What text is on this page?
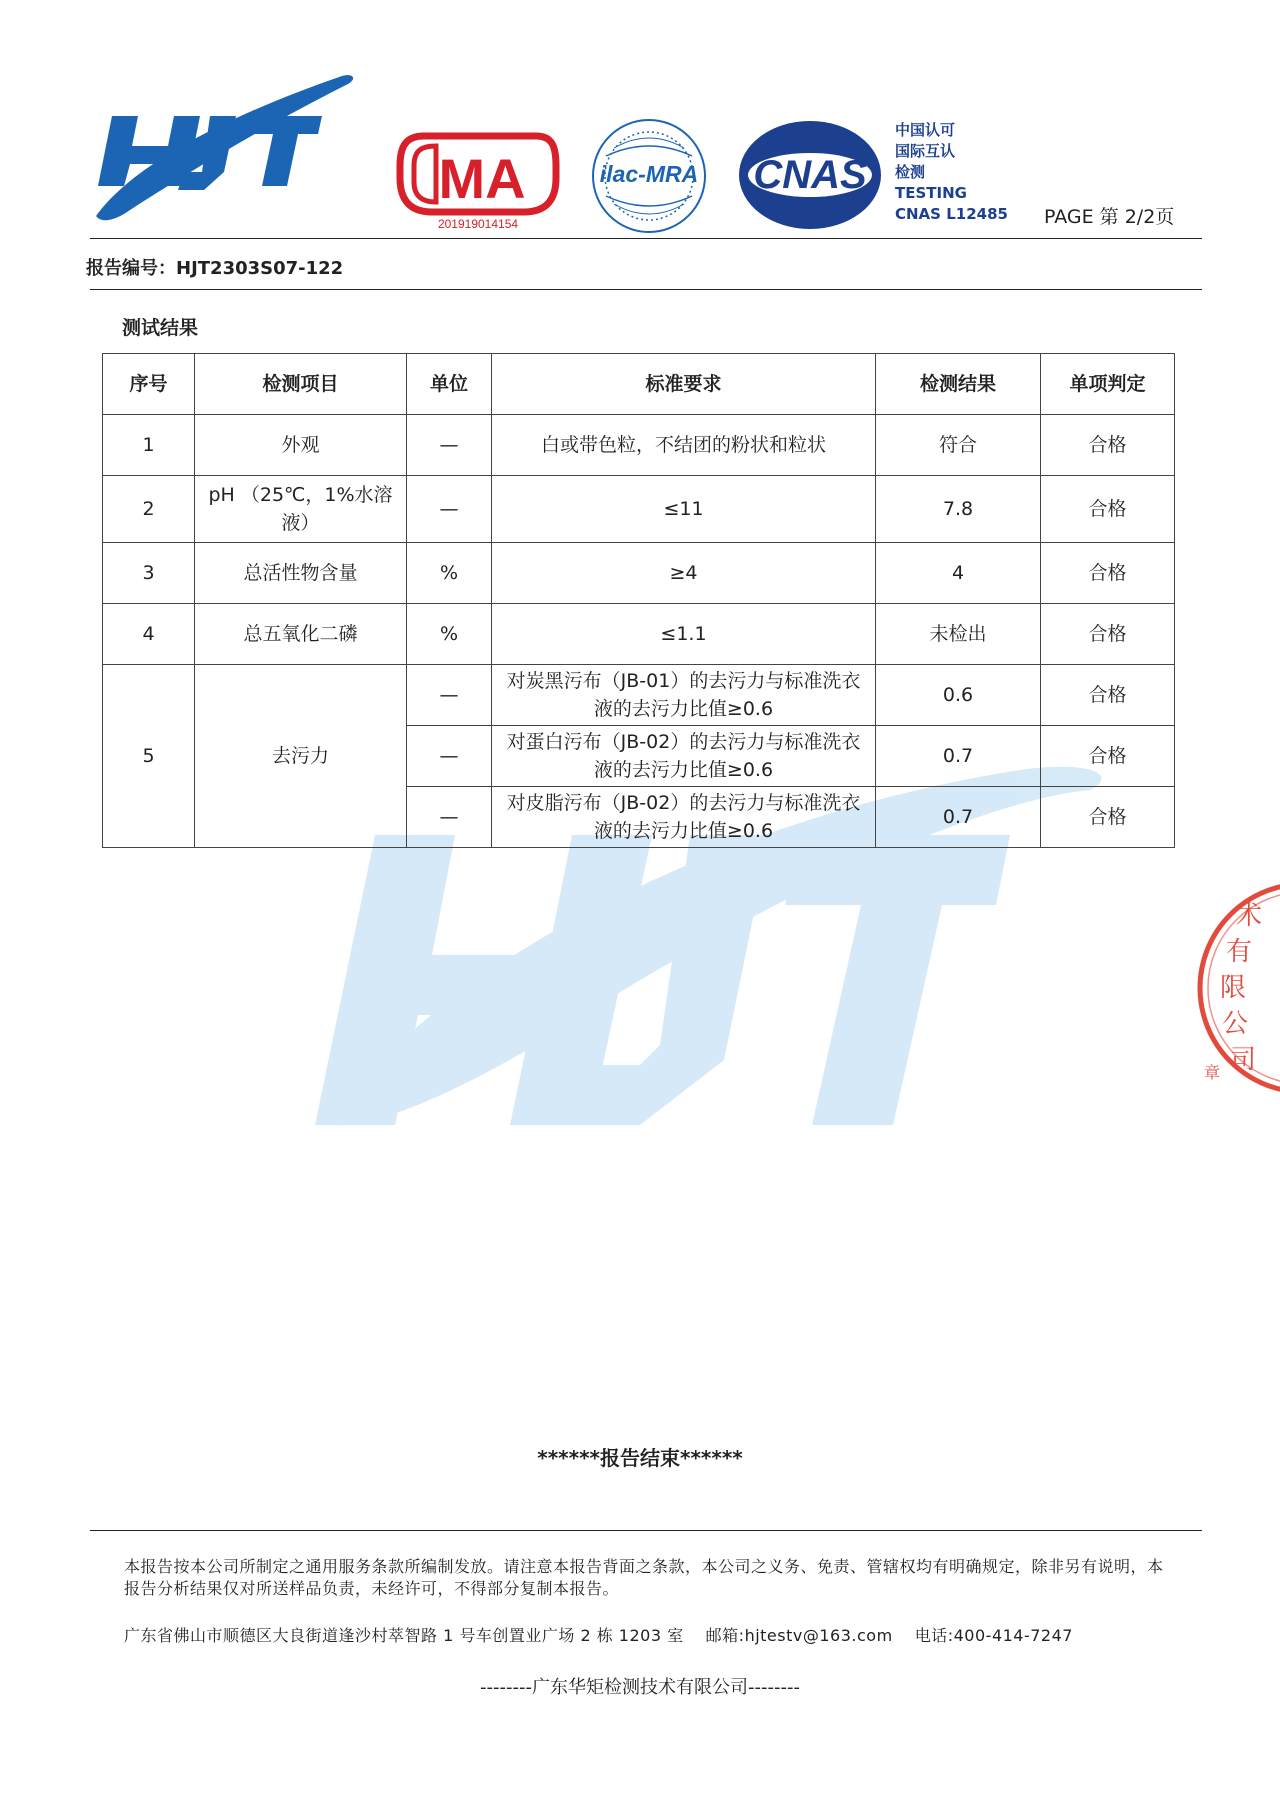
HJT
HJT
MA
201919014154
ilac-MRA CNAS
中国认可
国际互认
检测
TESTING
CNAS L12485 PAGE 第 2/2页
报告编号：HJT2303S07-122
测试结果
序号	检测项目	单位	标准要求	检测结果	单项判定
1	外观	—	白或带色粒，不结团的粉状和粒状	符合	合格
2	pH （25℃，1%水溶液）	—	≤11	7.8	合格
3	总活性物含量	%	≥4	4	合格
4	总五氧化二磷	%	≤1.1	未检出	合格
5	去污力	—	对炭黑污布（JB-01）的去污力与标准洗衣液的去污力比值≥0.6	0.6	合格
		—	对蛋白污布（JB-02）的去污力与标准洗衣液的去污力比值≥0.6	0.7	合格
		—	对皮脂污布（JB-02）的去污力与标准洗衣液的去污力比值≥0.6	0.7	合格
术 有 限 公 司
章
术有限公司 章
******报告结束******
本报告按本公司所制定之通用服务条款所编制发放。请注意本报告背面之条款，本公司之义务、免责、管辖权均有明确规定，除非另有说明，本报告分析结果仅对所送样品负责，未经许可，不得部分复制本报告。
广东省佛山市顺德区大良街道逢沙村萃智路 1 号车创置业广场 2 栋 1203 室　 邮箱:hjtestv@163.com　 电话:400-414-7247
--------广东华矩检测技术有限公司--------
